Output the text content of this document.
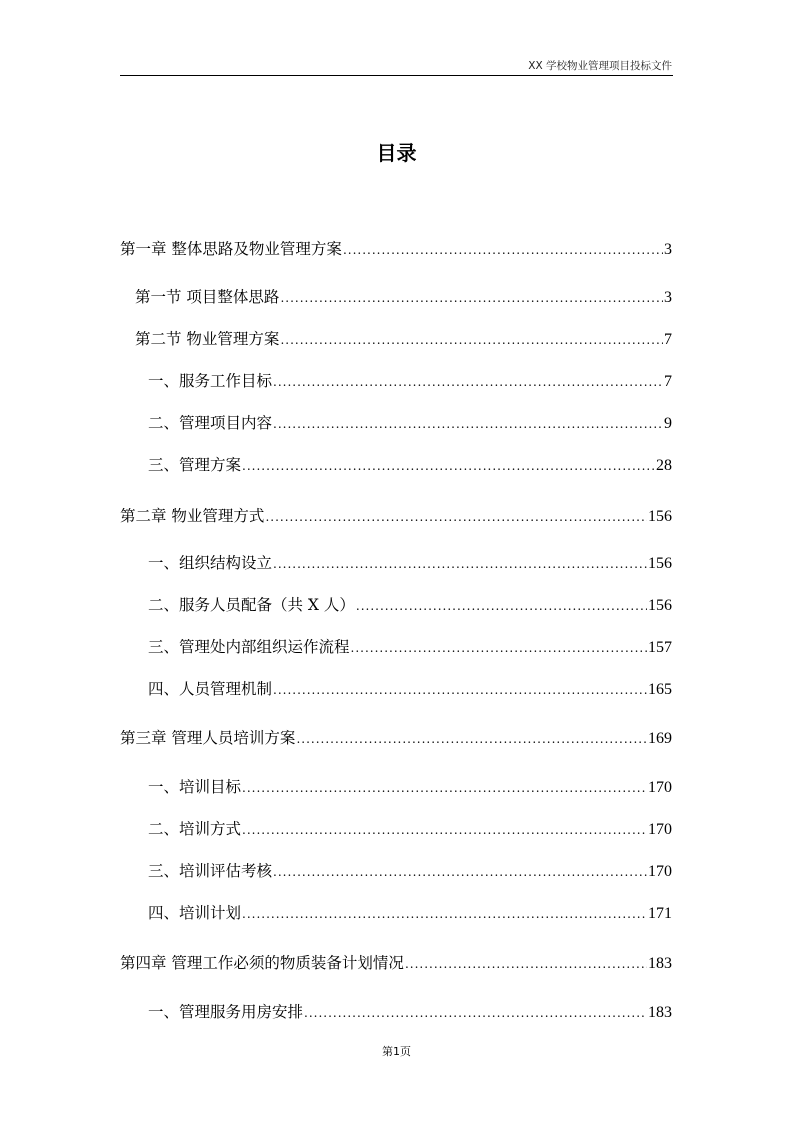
XX 学校物业管理项目投标文件
目录
第一章 整体思路及物业管理方案 .....	3
第一节 项目整体思路 .....	3
第二节 物业管理方案 .....	7
一、服务工作目标 .....	7
二、管理项目内容 .....	9
三、管理方案 .....	28
第二章 物业管理方式 .....	156
一、组织结构设立 .....	156
二、服务人员配备（共 X 人） .....	156
三、管理处内部组织运作流程 .....	157
四、人员管理机制 .....	165
第三章 管理人员培训方案 .....	169
一、培训目标 .....	170
二、培训方式 .....	170
三、培训评估考核 .....	170
四、培训计划 .....	171
第四章 管理工作必须的物质装备计划情况 .....	183
一、管理服务用房安排 .....	183
第1页
